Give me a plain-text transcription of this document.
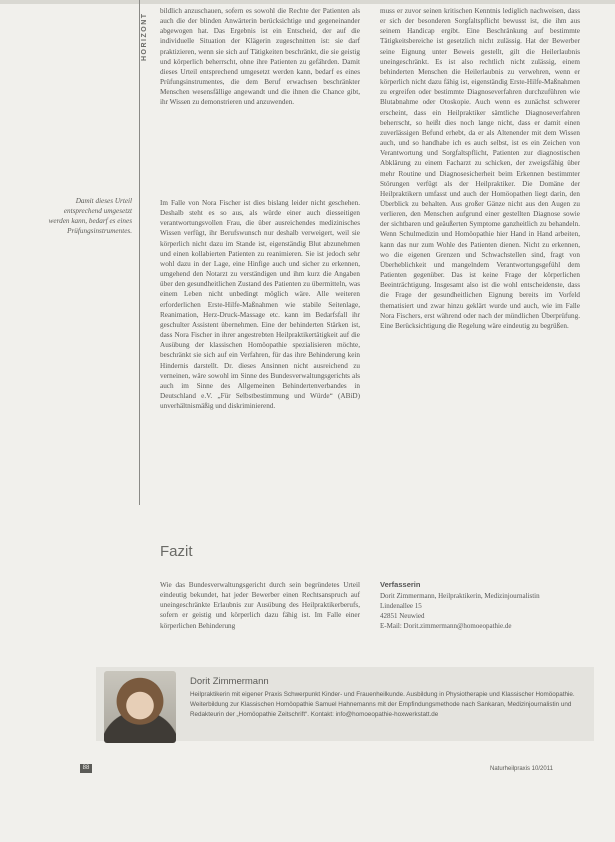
HORIZONT
Damit dieses Urteil entsprechend umgesetzt werden kann, bedarf es eines Prüfungsinstrumentes.

bildlich anzuschauen, sofern es sowohl die Rechte der Patienten als auch die der blinden Anwärterin berücksichtige und gegeneinander abgewogen hat. Das Ergebnis ist ein Entscheid, der auf die individuelle Situation der Klägerin zugeschnitten ist: sie darf praktizieren, wenn sie sich auf Tätigkeiten beschränkt, die sie geistig und körperlich beherrscht, ohne ihre Patienten zu gefährden. Damit dieses Urteil entsprechend umgesetzt werden kann, bedarf es eines Prüfungsinstrumentes, die dem Beruf erwachsen beschränkter Menschen wesensfällige angewandt und die ihnen die Chance gibt, ihr Wissen zu demonstrieren und anzuwenden.

Im Falle von Nora Fischer ist dies bislang leider nicht geschehen. Deshalb steht es so aus, als würde einer auch diesseitigen verantwortungsvollen Frau, die über ausreichendes medizinisches Wissen verfügt, ihr Berufswunsch nur deshalb verweigert, weil sie körperlich nicht dazu im Stande ist, eigenständig Blut abzunehmen und einen kollabierten Patienten zu reanimieren. Sie ist jedoch sehr wohl dazu in der Lage, eine Hinfige auch und sicher zu erkennen, umgehend den Notarzt zu verständigen und ihm kurz die Angaben über den gesundheitlichen Zustand des Patienten zu übermitteln, was einem Leben nicht unbedingt möglich wäre. Alle weiteren erforderlichen Erste-Hilfe-Maßnahmen wie stabile Seitenlage, Reanimation, Herz-Druck-Massage etc. kann im Bedarfsfall ihr geschulter Assistent übernehmen. Eine der behinderten Stärken ist, dass Nora Fischer in ihrer angestrebten Heilpraktikertätigkeit auf die Ausübung der klassischen Homöopathie spezialisieren möchte, beschränkt sie sich auf ein Verfahren, für das ihre Behinderung kein Hindernis darstellt. Dr. dieses Ansinnen nicht ausreichend zu verneinen, wäre sowohl im Sinne des Bundesverwaltungsgerichts als auch im Sinne des Allgemeinen Behindertenverbandes in Deutschland e.V. „Für Selbstbestimmung und Würde“ (ABiD) unverhältnismäßig und diskriminierend.

muss er zuvor seinen kritischen Kenntnis lediglich nachweisen, dass er sich der besonderen Sorgfaltspflicht bewusst ist, die ihm aus seinem Handicap ergibt. Eine Beschränkung auf bestimmte Tätigkeitsbereiche ist gesetzlich nicht zulässig. Hat der Bewerber seine Eignung unter Beweis gestellt, gilt die Heilerlaubnis uneingeschränkt. Es ist also rechtlich nicht zulässig, einem behinderten Menschen die Heilerlaubnis zu verwehren, wenn er körperlich nicht dazu fähig ist, eigenständig Erste-Hilfe-Maßnahmen zu ergreifen oder bestimmte Diagnoseverfahren durchzuführen wie Blutabnahme oder Otoskopie. Auch wenn es zunächst schwerer erscheint, dass ein Heilpraktiker sämtliche Diagnoseverfahren beherrscht, so heißt dies noch lange nicht, dass er damit einen zuverlässigen Befund erhebt, da er als Altenender mit dem Wissen auch, und so handhabe ich es auch selbst, ist es ein Zeichen von Verantwortung und Sorgfaltspflicht, Patienten zur diagnostischen Abklärung zu einem Facharzt zu schicken, der zweigsfähig über mehr Routine und Diagnosesicherheit beim Erkennen bestimmter Störungen verfügt als der Heilpraktiker. Die Domäne der Heilpraktikern umfasst und auch der Homöopathen liegt darin, den Überblick zu behalten. Aus großer Gänze nicht aus den Augen zu verlieren, den Menschen aufgrund einer gestellten Diagnose sowie der sichtbaren und geäußerten Symptome ganzheitlich zu behandeln. Wenn Schulmedizin und Homöopathie hier Hand in Hand arbeiten, kann das nur zum Wohle des Patienten dienen. Nicht zu erkennen, wo die eigenen Grenzen und Schwachstellen sind, fragt von Überheblichkeit und mangelndem Verantwortungsgefühl dem Patienten gegenüber. Das ist keine Frage der körperlichen Beeinträchtigung. Insgesamt also ist die wohl entscheidenste, dass die Frage der gesundheitlichen Eignung bereits im Vorfeld thematisiert und zwar hinzu geklärt wurde und auch, wie im Falle Nora Fischers, erst während oder nach der mündlichen Überprüfung. Eine Berücksichtigung die Regelung wäre eindeutig zu begrüßen.

Fazit

Wie das Bundesverwaltungsgericht durch sein begründetes Urteil eindeutig bekundet, hat jeder Bewerber einen Rechtsanspruch auf uneingeschränkte Erlaubnis zur Ausübung des Heilpraktikerberufs, sofern er geistig und körperlich dazu fähig ist. Im Falle einer körperlichen Behinderung

Verfasserin
Dorit Zimmermann, Heilpraktikerin, Medizinjournalistin
Lindenallee 15
42851 Neuwied
E-Mail: Dorit.zimmermann@homoeopathie.de
Dorit Zimmermann
Heilpraktikerin mit eigener Praxis Schwerpunkt Kinder- und Frauenheilkunde. Ausbildung in Physiotherapie und Klassischer Homöopathie. Weiterbildung zur Klassischen Homöopathie Samuel Hahnemanns mit der Empfindungsmethode nach Sankaran, Medizinjournalistin und Redakteurin der „Homöopathie Zeitschrift“. Kontakt: info@homoeopathie-hoxwerkstatt.de
88	Naturheilpraxis 10/2011
